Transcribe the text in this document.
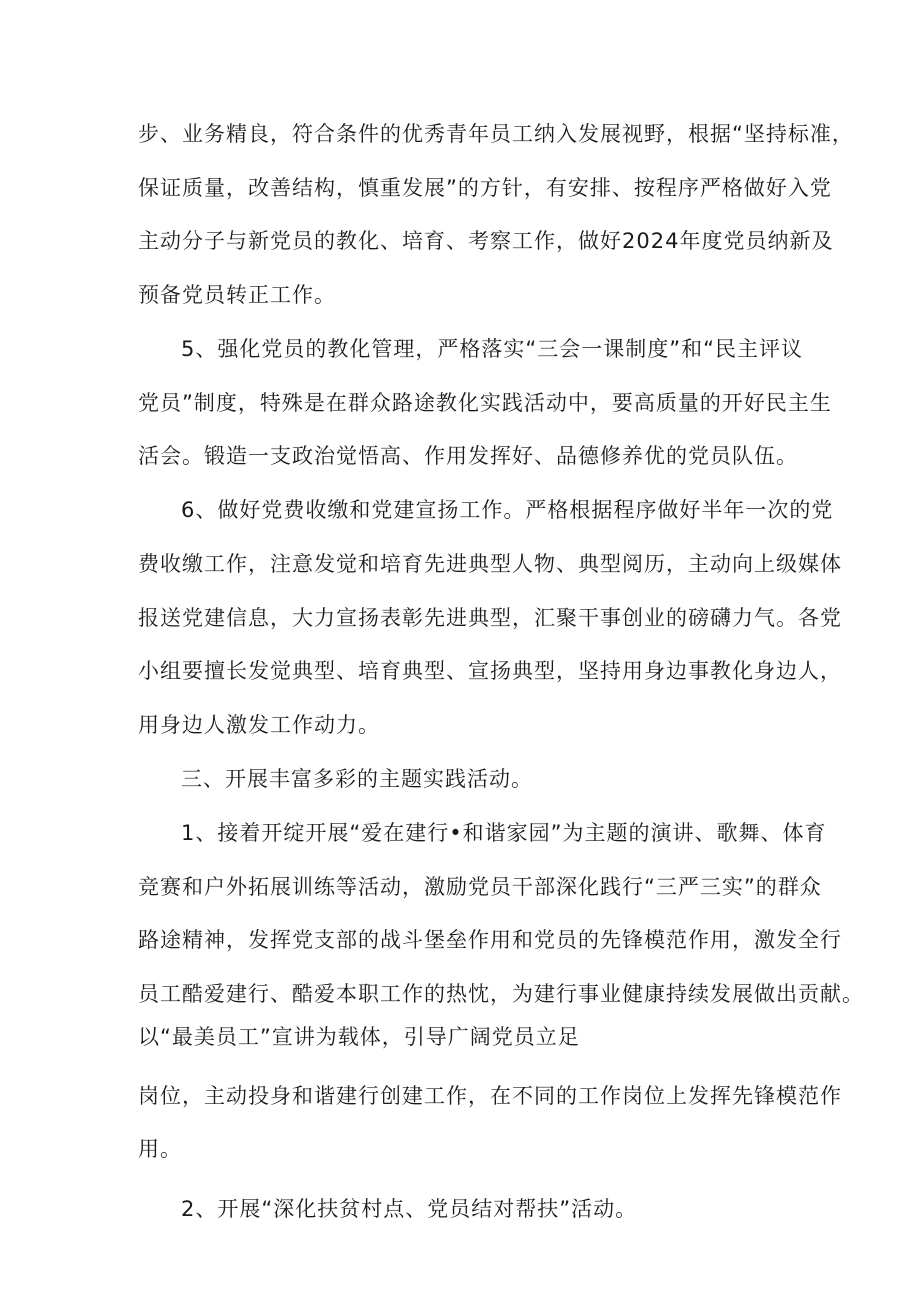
步、业务精良，符合条件的优秀青年员工纳入发展视野，根据“坚持标准，
保证质量，改善结构，慎重发展”的方针，有安排、按程序严格做好入党
主动分子与新党员的教化、培育、考察工作，做好2024年度党员纳新及
预备党员转正工作。
5、强化党员的教化管理，严格落实“三会一课制度”和“民主评议
党员”制度，特殊是在群众路途教化实践活动中，要高质量的开好民主生
活会。锻造一支政治觉悟高、作用发挥好、品德修养优的党员队伍。
6、做好党费收缴和党建宣扬工作。严格根据程序做好半年一次的党
费收缴工作，注意发觉和培育先进典型人物、典型阅历，主动向上级媒体
报送党建信息，大力宣扬表彰先进典型，汇聚干事创业的磅礴力气。各党
小组要擅长发觉典型、培育典型、宣扬典型，坚持用身边事教化身边人，
用身边人激发工作动力。
三、开展丰富多彩的主题实践活动。
1、接着开绽开展“爱在建行•和谐家园”为主题的演讲、歌舞、体育
竞赛和户外拓展训练等活动，激励党员干部深化践行“三严三实”的群众
路途精神，发挥党支部的战斗堡垒作用和党员的先锋模范作用，激发全行
员工酷爱建行、酷爱本职工作的热忱，为建行事业健康持续发展做出贡献。
以“最美员工”宣讲为载体，引导广阔党员立足
岗位，主动投身和谐建行创建工作，在不同的工作岗位上发挥先锋模范作
用。
2、开展“深化扶贫村点、党员结对帮扶”活动。
